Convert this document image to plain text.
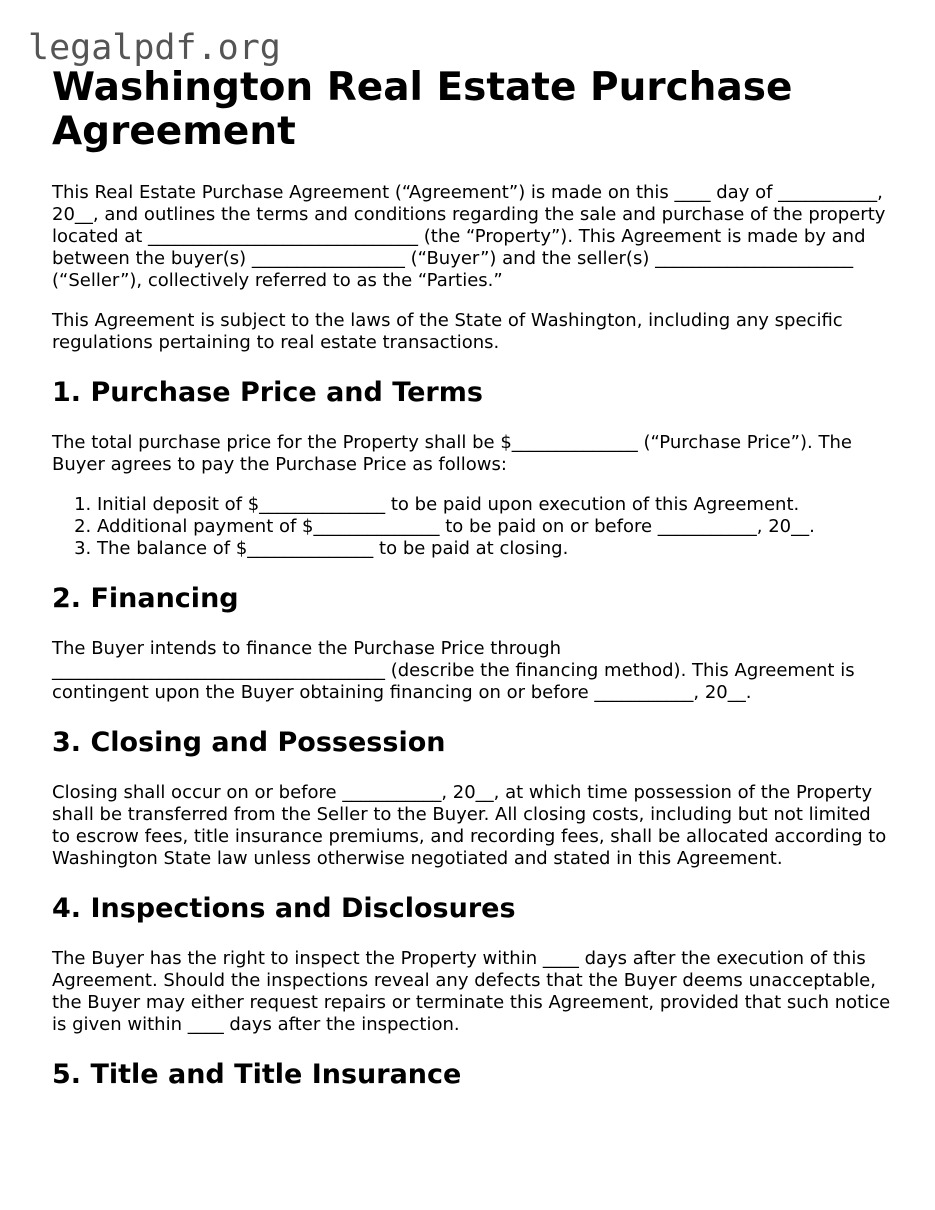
legalpdf.org
Washington Real Estate Purchase Agreement

This Real Estate Purchase Agreement (“Agreement”) is made on this ____ day of ___________, 20__, and outlines the terms and conditions regarding the sale and purchase of the property located at ______________________________ (the “Property”). This Agreement is made by and between the buyer(s) _________________ (“Buyer”) and the seller(s) ______________________ (“Seller”), collectively referred to as the “Parties.”

This Agreement is subject to the laws of the State of Washington, including any specific regulations pertaining to real estate transactions.

1. Purchase Price and Terms

The total purchase price for the Property shall be $______________ (“Purchase Price”). The Buyer agrees to pay the Purchase Price as follows:

1. Initial deposit of $______________ to be paid upon execution of this Agreement.
2. Additional payment of $______________ to be paid on or before ___________, 20__.
3. The balance of $______________ to be paid at closing.
2. Financing

The Buyer intends to finance the Purchase Price through _____________________________________ (describe the financing method). This Agreement is contingent upon the Buyer obtaining financing on or before ___________, 20__.

3. Closing and Possession

Closing shall occur on or before ___________, 20__, at which time possession of the Property shall be transferred from the Seller to the Buyer. All closing costs, including but not limited to escrow fees, title insurance premiums, and recording fees, shall be allocated according to Washington State law unless otherwise negotiated and stated in this Agreement.

4. Inspections and Disclosures

The Buyer has the right to inspect the Property within ____ days after the execution of this Agreement. Should the inspections reveal any defects that the Buyer deems unacceptable, the Buyer may either request repairs or terminate this Agreement, provided that such notice is given within ____ days after the inspection.

5. Title and Title Insurance
